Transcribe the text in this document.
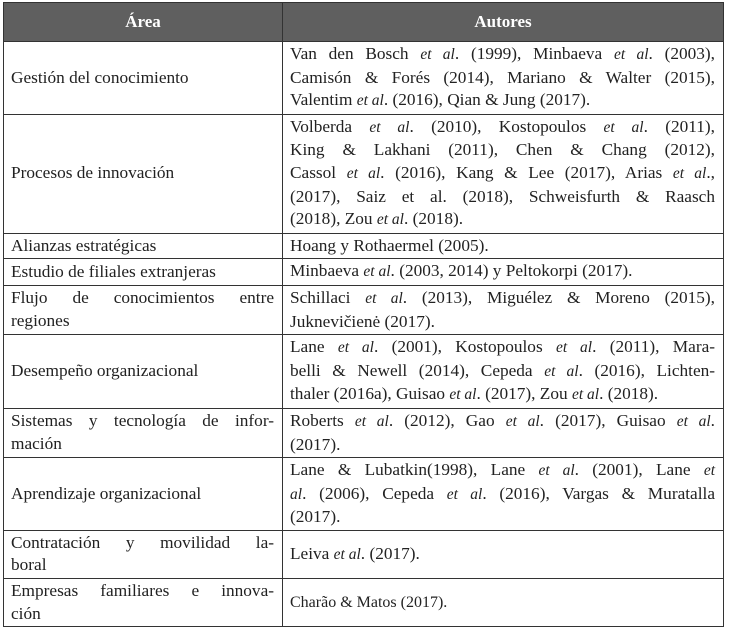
Área	Autores
Gestión del conocimiento	Van den Bosch et al. (1999), Minbaeva et al. (2003),
Camisón & Forés (2014), Mariano & Walter (2015),
Valentim et al. (2016), Qian & Jung (2017).

Procesos de innovación	Volberda et al. (2010), Kostopoulos et al. (2011),
King & Lakhani (2011), Chen & Chang (2012),
Cassol et al. (2016), Kang & Lee (2017), Arias et al.,
(2017), Saiz et al. (2018), Schweisfurth & Raasch
(2018), Zou et al. (2018).

Alianzas estratégicas	Hoang y Rothaermel (2005).

Estudio de filiales extranjeras	Minbaeva et al. (2003, 2014) y Peltokorpi (2017).

Flujo de conocimientos entre
regiones	Schillaci et al. (2013), Miguélez & Moreno (2015),
Juknevičienė (2017).

Desempeño organizacional	Lane et al. (2001), Kostopoulos et al. (2011), Mara-
belli & Newell (2014), Cepeda et al. (2016), Lichten-
thaler (2016a), Guisao et al. (2017), Zou et al. (2018).

Sistemas y tecnología de infor-
mación	Roberts et al. (2012), Gao et al. (2017), Guisao et al.
(2017).

Aprendizaje organizacional	Lane & Lubatkin(1998), Lane et al. (2001), Lane et
al. (2006), Cepeda et al. (2016), Vargas & Muratalla
(2017).

Contratación y movilidad la-
boral	Leiva et al. (2017).

Empresas familiares e innova-
ción	Charão & Matos (2017).
